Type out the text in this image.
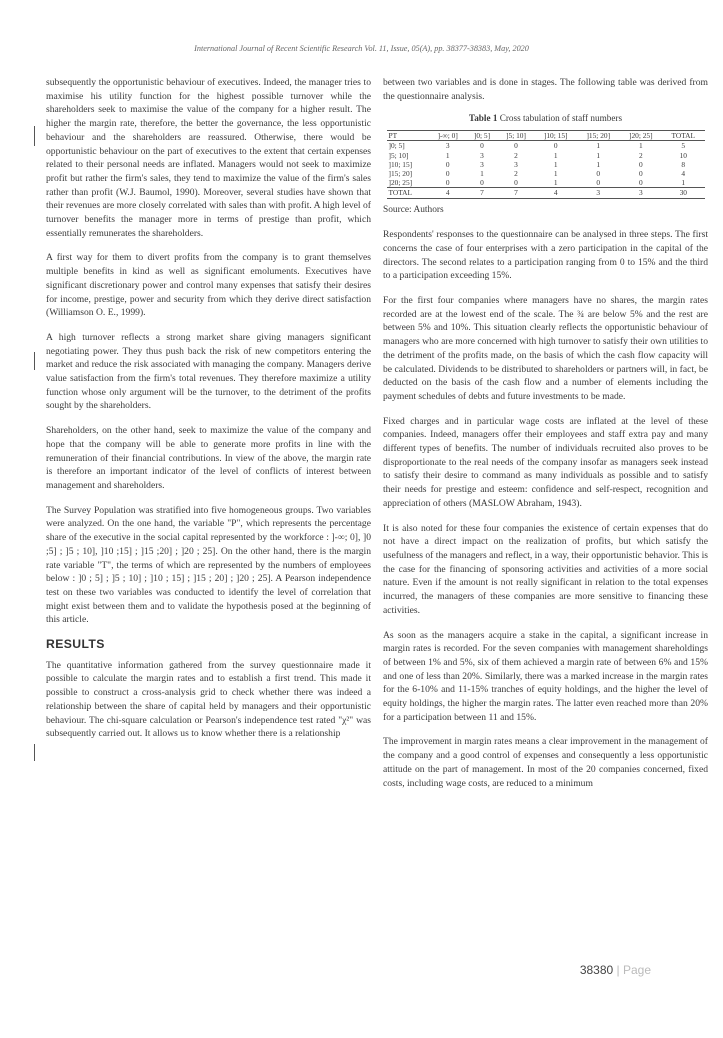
International Journal of Recent Scientific Research Vol. 11, Issue, 05(A), pp. 38377-38383, May, 2020

subsequently the opportunistic behaviour of executives. Indeed, the manager tries to maximise his utility function for the highest possible turnover while the shareholders seek to maximise the value of the company for a higher result. The higher the margin rate, therefore, the better the governance, the less opportunistic behaviour and the shareholders are reassured. Otherwise, there would be opportunistic behaviour on the part of executives to the extent that certain expenses related to their personal needs are inflated. Managers would not seek to maximize profit but rather the firm's sales, they tend to maximize the value of the firm's sales rather than profit (W.J. Baumol, 1990). Moreover, several studies have shown that their revenues are more closely correlated with sales than with profit. A high level of turnover benefits the manager more in terms of prestige than profit, which essentially remunerates the shareholders.

A first way for them to divert profits from the company is to grant themselves multiple benefits in kind as well as significant emoluments. Executives have significant discretionary power and control many expenses that satisfy their desires for income, prestige, power and security from which they derive direct satisfaction (Williamson O. E., 1999).

A high turnover reflects a strong market share giving managers significant negotiating power. They thus push back the risk of new competitors entering the market and reduce the risk associated with managing the company. Managers derive value satisfaction from the firm's total revenues. They therefore maximize a utility function whose only argument will be the turnover, to the detriment of the profits sought by the shareholders.

Shareholders, on the other hand, seek to maximize the value of the company and hope that the company will be able to generate more profits in line with the remuneration of their financial contributions. In view of the above, the margin rate is therefore an important indicator of the level of conflicts of interest between management and shareholders.

The Survey Population was stratified into five homogeneous groups. Two variables were analyzed. On the one hand, the variable "P", which represents the percentage share of the executive in the social capital represented by the workforce : ]-∞; 0], ]0 ;5] ; ]5 ; 10], ]10 ;15] ; ]15 ;20] ; ]20 ; 25]. On the other hand, there is the margin rate variable "T", the terms of which are represented by the numbers of employees below : ]0 ; 5] ; ]5 ; 10] ; ]10 ; 15] ; ]15 ; 20] ; ]20 ; 25]. A Pearson independence test on these two variables was conducted to identify the level of correlation that might exist between them and to validate the hypothesis posed at the beginning of this article.

RESULTS

The quantitative information gathered from the survey questionnaire made it possible to calculate the margin rates and to establish a first trend. This made it possible to construct a cross-analysis grid to check whether there was indeed a relationship between the share of capital held by managers and their opportunistic behaviour. The chi-square calculation or Pearson's independence test rated "χ²" was subsequently carried out. It allows us to know whether there is a relationship

between two variables and is done in stages. The following table was derived from the questionnaire analysis.

Table 1 Cross tabulation of staff numbers
PT	]-∞; 0]	]0; 5]	]5; 10]	]10; 15]	]15; 20]	]20; 25]	TOTAL
]0; 5]	3	0	0	0	1	1	5
]5; 10]	1	3	2	1	1	2	10
]10; 15]	0	3	3	1	1	0	8
]15; 20]	0	1	2	1	0	0	4
]20; 25]	0	0	0	1	0	0	1
TOTAL	4	7	7	4	3	3	30
Source: Authors

Respondents' responses to the questionnaire can be analysed in three steps. The first concerns the case of four enterprises with a zero participation in the capital of the directors. The second relates to a participation ranging from 0 to 15% and the third to a participation exceeding 15%.

For the first four companies where managers have no shares, the margin rates recorded are at the lowest end of the scale. The ¾ are below 5% and the rest are between 5% and 10%. This situation clearly reflects the opportunistic behaviour of managers who are more concerned with high turnover to satisfy their own utilities to the detriment of the profits made, on the basis of which the cash flow capacity will be calculated. Dividends to be distributed to shareholders or partners will, in fact, be deducted on the basis of the cash flow and a number of elements including the payment schedules of debts and future investments to be made.

Fixed charges and in particular wage costs are inflated at the level of these companies. Indeed, managers offer their employees and staff extra pay and many different types of benefits. The number of individuals recruited also proves to be disproportionate to the real needs of the company insofar as managers seek instead to satisfy their desire to command as many individuals as possible and to satisfy their needs for prestige and esteem: confidence and self-respect, recognition and appreciation of others (MASLOW Abraham, 1943).

It is also noted for these four companies the existence of certain expenses that do not have a direct impact on the realization of profits, but which satisfy the usefulness of the managers and reflect, in a way, their opportunistic behavior. This is the case for the financing of sponsoring activities and activities of a more social nature. Even if the amount is not really significant in relation to the total expenses incurred, the managers of these companies are more sensitive to financing these activities.

As soon as the managers acquire a stake in the capital, a significant increase in margin rates is recorded. For the seven companies with management shareholdings of between 1% and 5%, six of them achieved a margin rate of between 6% and 15% and one of less than 20%. Similarly, there was a marked increase in the margin rates for the 6-10% and 11-15% tranches of equity holdings, and the higher the level of equity holdings, the higher the margin rates. The latter even reached more than 20% for a participation between 11 and 15%.

The improvement in margin rates means a clear improvement in the management of the company and a good control of expenses and consequently a less opportunistic attitude on the part of management. In most of the 20 companies concerned, fixed costs, including wage costs, are reduced to a minimum

38380 | Page
